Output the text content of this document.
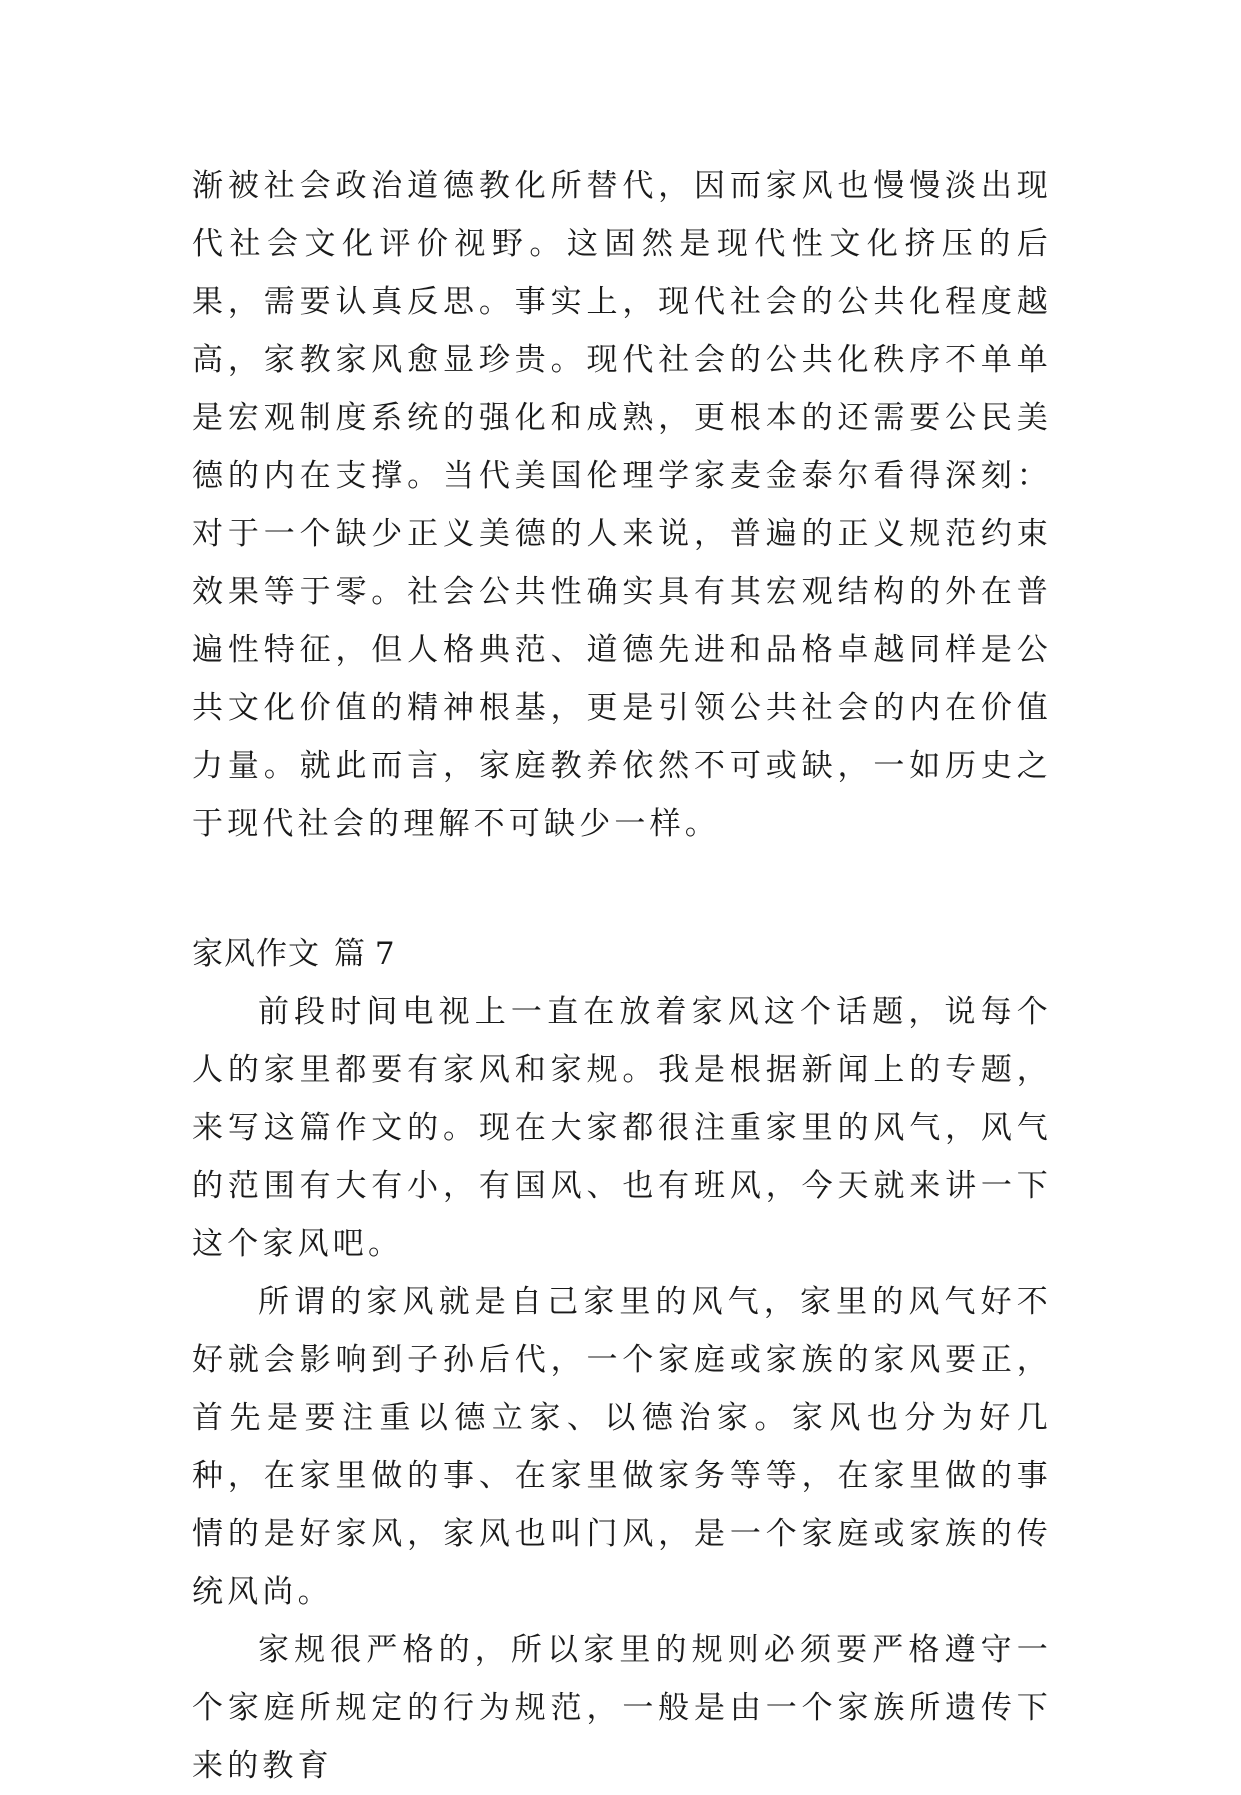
渐被社会政治道德教化所替代，因而家风也慢慢淡出现代社会文化评价视野。这固然是现代性文化挤压的后果，需要认真反思。事实上，现代社会的公共化程度越高，家教家风愈显珍贵。现代社会的公共化秩序不单单是宏观制度系统的强化和成熟，更根本的还需要公民美德的内在支撑。当代美国伦理学家麦金泰尔看得深刻：对于一个缺少正义美德的人来说，普遍的正义规范约束效果等于零。社会公共性确实具有其宏观结构的外在普遍性特征，但人格典范、道德先进和品格卓越同样是公共文化价值的精神根基，更是引领公共社会的内在价值力量。就此而言，家庭教养依然不可或缺，一如历史之于现代社会的理解不可缺少一样。

家风作文 篇 7

前段时间电视上一直在放着家风这个话题，说每个人的家里都要有家风和家规。我是根据新闻上的专题，来写这篇作文的。现在大家都很注重家里的风气，风气的范围有大有小，有国风、也有班风，今天就来讲一下这个家风吧。

所谓的家风就是自己家里的风气，家里的风气好不好就会影响到子孙后代，一个家庭或家族的家风要正，首先是要注重以德立家、以德治家。家风也分为好几种，在家里做的事、在家里做家务等等，在家里做的事情的是好家风，家风也叫门风，是一个家庭或家族的传统风尚。

家规很严格的，所以家里的规则必须要严格遵守一个家庭所规定的行为规范，一般是由一个家族所遗传下来的教育
